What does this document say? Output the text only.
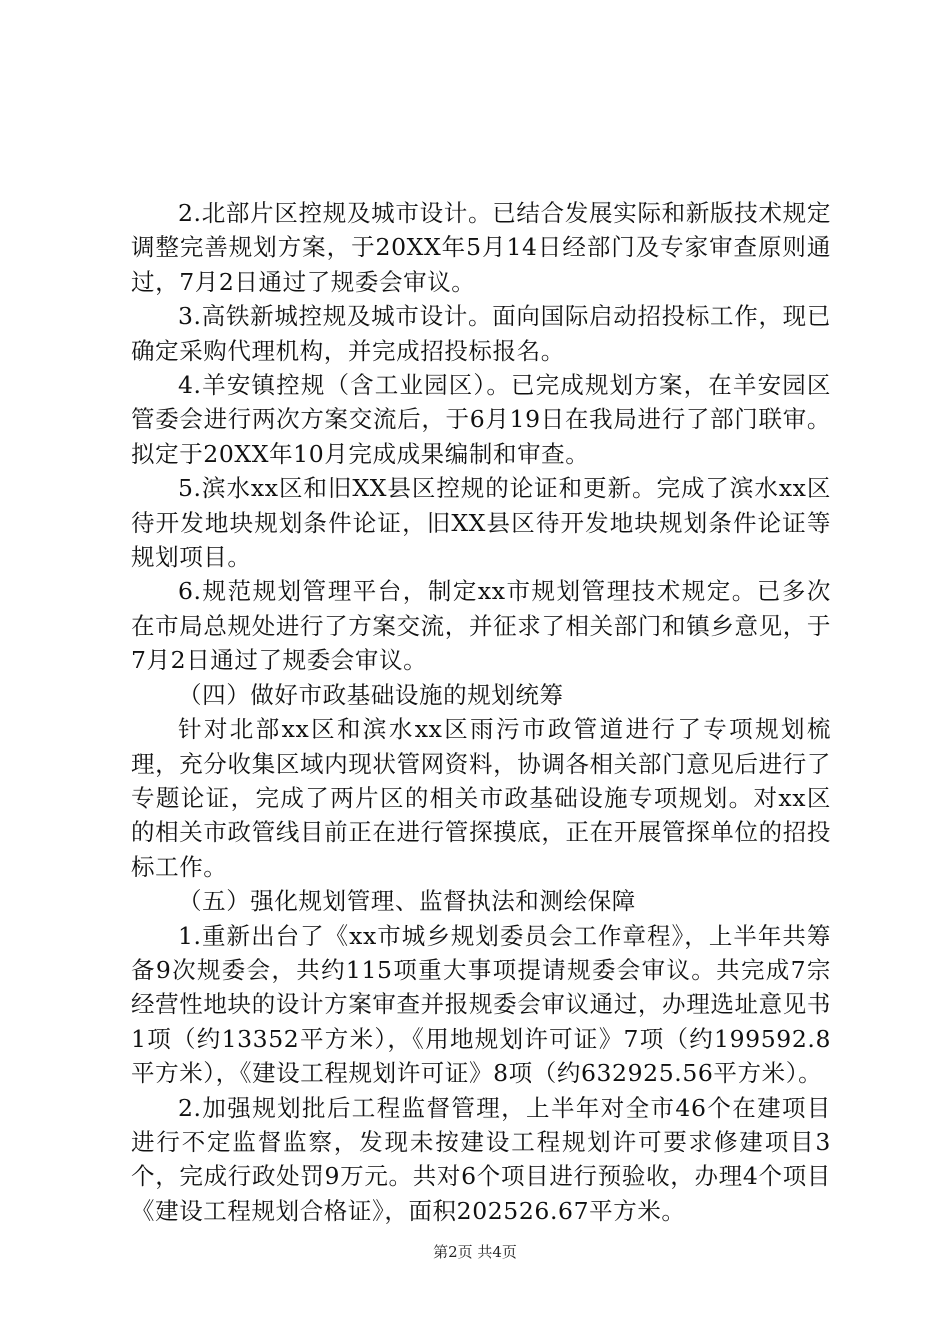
2.北部片区控规及城市设计。已结合发展实际和新版技术规定调整完善规划方案，于20XX年5月14日经部门及专家审查原则通过，7月2日通过了规委会审议。

3.高铁新城控规及城市设计。面向国际启动招投标工作，现已确定采购代理机构，并完成招投标报名。

4.羊安镇控规（含工业园区）。已完成规划方案，在羊安园区管委会进行两次方案交流后，于6月19日在我局进行了部门联审。拟定于20XX年10月完成成果编制和审查。

5.滨水xx区和旧XX县区控规的论证和更新。完成了滨水xx区待开发地块规划条件论证，旧XX县区待开发地块规划条件论证等规划项目。

6.规范规划管理平台，制定xx市规划管理技术规定。已多次在市局总规处进行了方案交流，并征求了相关部门和镇乡意见，于7月2日通过了规委会审议。

（四）做好市政基础设施的规划统筹

针对北部xx区和滨水xx区雨污市政管道进行了专项规划梳理，充分收集区域内现状管网资料，协调各相关部门意见后进行了专题论证，完成了两片区的相关市政基础设施专项规划。对xx区的相关市政管线目前正在进行管探摸底，正在开展管探单位的招投标工作。

（五）强化规划管理、监督执法和测绘保障

1.重新出台了《xx市城乡规划委员会工作章程》，上半年共筹备9次规委会，共约115项重大事项提请规委会审议。共完成7宗经营性地块的设计方案审查并报规委会审议通过，办理选址意见书1项（约13352平方米），《用地规划许可证》7项（约199592.8平方米），《建设工程规划许可证》8项（约632925.56平方米）。

2.加强规划批后工程监督管理，上半年对全市46个在建项目进行不定监督监察，发现未按建设工程规划许可要求修建项目3个，完成行政处罚9万元。共对6个项目进行预验收，办理4个项目《建设工程规划合格证》，面积202526.67平方米。

第2页 共4页
